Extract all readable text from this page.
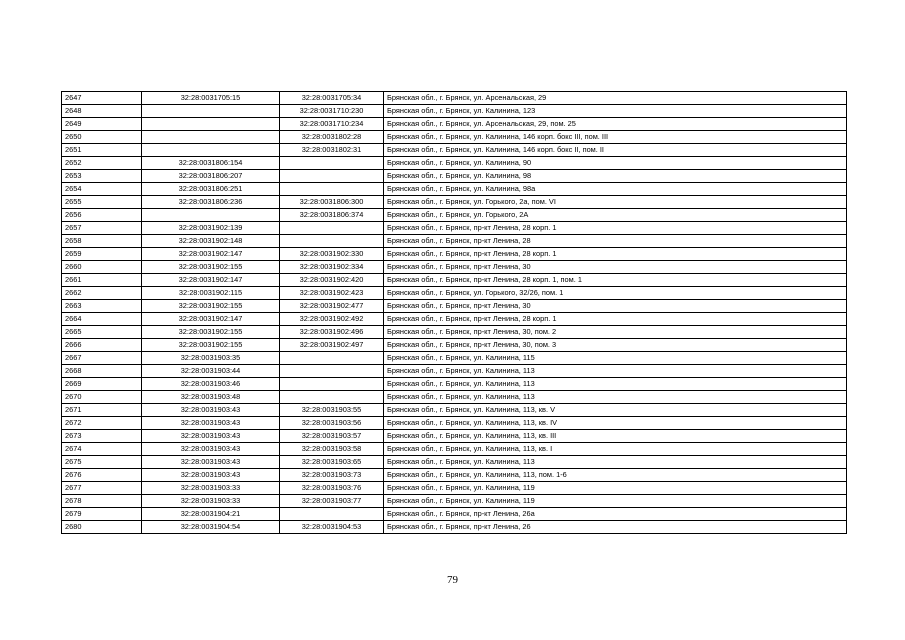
2647	32:28:0031705:15	32:28:0031705:34	Брянская обл., г. Брянск, ул. Арсенальская, 29
2648		32:28:0031710:230	Брянская обл., г. Брянск, ул. Калинина, 123
2649		32:28:0031710:234	Брянская обл., г. Брянск, ул. Арсенальская, 29, пом. 25
2650		32:28:0031802:28	Брянская обл., г. Брянск, ул. Калинина, 146 корп. бокс III, пом. III
2651		32:28:0031802:31	Брянская обл., г. Брянск, ул. Калинина, 146 корп. бокс II, пом. II
2652	32:28:0031806:154		Брянская обл., г. Брянск, ул. Калинина, 90
2653	32:28:0031806:207		Брянская обл., г. Брянск, ул. Калинина, 98
2654	32:28:0031806:251		Брянская обл., г. Брянск, ул. Калинина, 98а
2655	32:28:0031806:236	32:28:0031806:300	Брянская обл., г. Брянск, ул. Горького, 2а, пом. VI
2656		32:28:0031806:374	Брянская обл., г. Брянск, ул. Горького, 2А
2657	32:28:0031902:139		Брянская обл., г. Брянск, пр-кт Ленина, 28 корп. 1
2658	32:28:0031902:148		Брянская обл., г. Брянск, пр-кт Ленина, 28
2659	32:28:0031902:147	32:28:0031902:330	Брянская обл., г. Брянск, пр-кт Ленина, 28 корп. 1
2660	32:28:0031902:155	32:28:0031902:334	Брянская обл., г. Брянск, пр-кт Ленина, 30
2661	32:28:0031902:147	32:28:0031902:420	Брянская обл., г. Брянск, пр-кт Ленина, 28 корп. 1, пом. 1
2662	32:28:0031902:115	32:28:0031902:423	Брянская обл., г. Брянск, ул. Горького, 32/26, пом. 1
2663	32:28:0031902:155	32:28:0031902:477	Брянская обл., г. Брянск, пр-кт Ленина, 30
2664	32:28:0031902:147	32:28:0031902:492	Брянская обл., г. Брянск, пр-кт Ленина, 28 корп. 1
2665	32:28:0031902:155	32:28:0031902:496	Брянская обл., г. Брянск, пр-кт Ленина, 30, пом. 2
2666	32:28:0031902:155	32:28:0031902:497	Брянская обл., г. Брянск, пр-кт Ленина, 30, пом. 3
2667	32:28:0031903:35		Брянская обл., г. Брянск, ул. Калинина, 115
2668	32:28:0031903:44		Брянская обл., г. Брянск, ул. Калинина, 113
2669	32:28:0031903:46		Брянская обл., г. Брянск, ул. Калинина, 113
2670	32:28:0031903:48		Брянская обл., г. Брянск, ул. Калинина, 113
2671	32:28:0031903:43	32:28:0031903:55	Брянская обл., г. Брянск, ул. Калинина, 113, кв. V
2672	32:28:0031903:43	32:28:0031903:56	Брянская обл., г. Брянск, ул. Калинина, 113, кв. IV
2673	32:28:0031903:43	32:28:0031903:57	Брянская обл., г. Брянск, ул. Калинина, 113, кв. III
2674	32:28:0031903:43	32:28:0031903:58	Брянская обл., г. Брянск, ул. Калинина, 113, кв. I
2675	32:28:0031903:43	32:28:0031903:65	Брянская обл., г. Брянск, ул. Калинина, 113
2676	32:28:0031903:43	32:28:0031903:73	Брянская обл., г. Брянск, ул. Калинина, 113, пом. 1-6
2677	32:28:0031903:33	32:28:0031903:76	Брянская обл., г. Брянск, ул. Калинина, 119
2678	32:28:0031903:33	32:28:0031903:77	Брянская обл., г. Брянск, ул. Калинина, 119
2679	32:28:0031904:21		Брянская обл., г. Брянск, пр-кт Ленина, 26а
2680	32:28:0031904:54	32:28:0031904:53	Брянская обл., г. Брянск, пр-кт Ленина, 26
79
